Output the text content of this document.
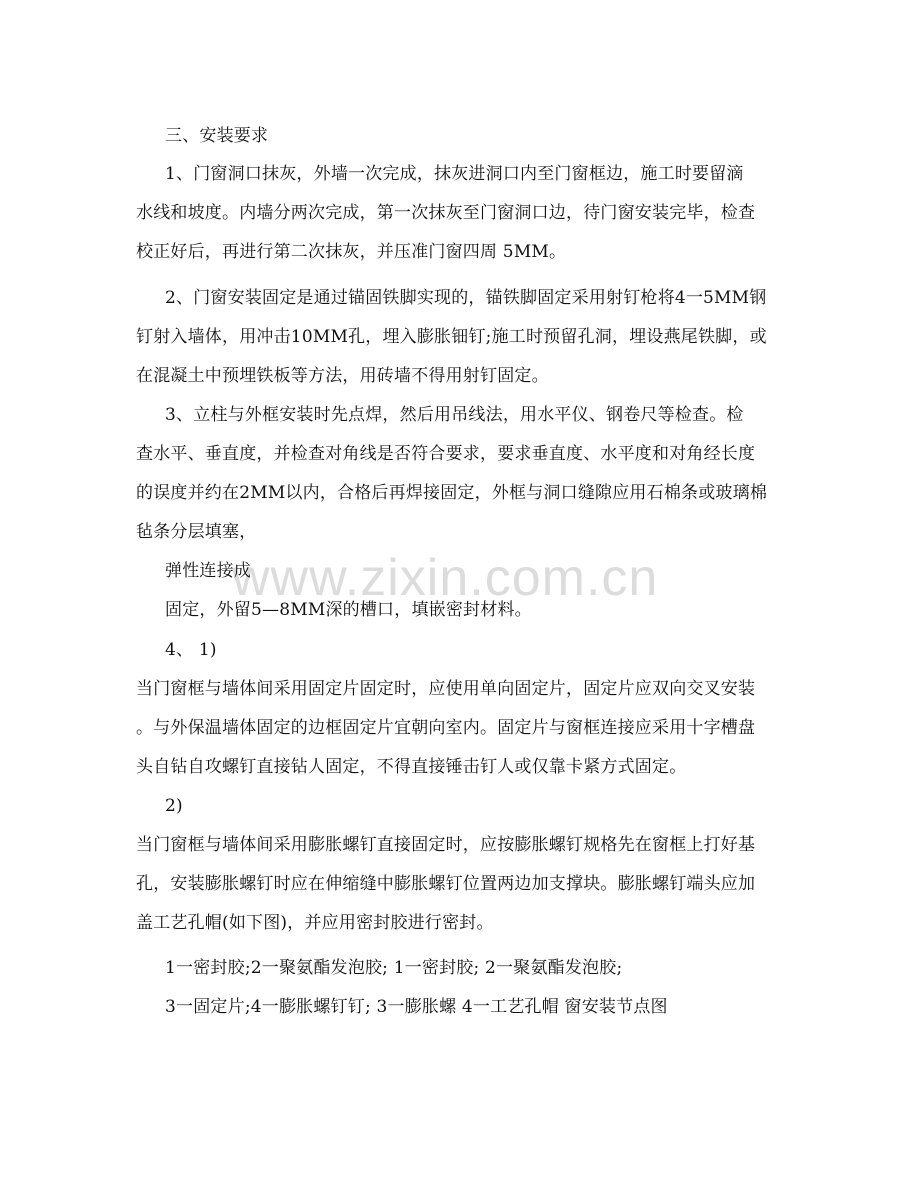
www.zixin.com.cn
三、安装要求
1、门窗洞口抹灰，外墙一次完成，抹灰进洞口内至门窗框边，施工时要留滴
水线和坡度。内墙分两次完成，第一次抹灰至门窗洞口边，待门窗安装完毕，检查
校正好后，再进行第二次抹灰，并压准门窗四周 5MM。
2、门窗安装固定是通过锚固铁脚实现的，锚铁脚固定采用射钉枪将4一5MM钢
钉射入墙体，用冲击10MM孔，埋入膨胀钿钉;施工时预留孔洞，埋设燕尾铁脚，或
在混凝土中预埋铁板等方法，用砖墙不得用射钉固定。
3、立柱与外框安装时先点焊，然后用吊线法，用水平仪、钢卷尺等检查。检
查水平、垂直度，并检查对角线是否符合要求，要求垂直度、水平度和对角经长度
的误度并约在2MM以内，合格后再焊接固定，外框与洞口缝隙应用石棉条或玻璃棉
毡条分层填塞，
弹性连接成
固定，外留5—8MM深的槽口，填嵌密封材料。
4、 1)
当门窗框与墙体间采用固定片固定时，应使用单向固定片，固定片应双向交叉安装
。与外保温墙体固定的边框固定片宜朝向室内。固定片与窗框连接应采用十字槽盘
头自钻自攻螺钉直接钻人固定，不得直接锤击钉人或仅靠卡紧方式固定。
2)
当门窗框与墙体间采用膨胀螺钉直接固定时，应按膨胀螺钉规格先在窗框上打好基
孔，安装膨胀螺钉时应在伸缩缝中膨胀螺钉位置两边加支撑块。膨胀螺钉端头应加
盖工艺孔帽(如下图)，并应用密封胶进行密封。
1一密封胶;2一聚氨酯发泡胶; 1一密封胶; 2一聚氨酯发泡胶;
3一固定片;4一膨胀螺钉钉; 3一膨胀螺 4一工艺孔帽 窗安装节点图
